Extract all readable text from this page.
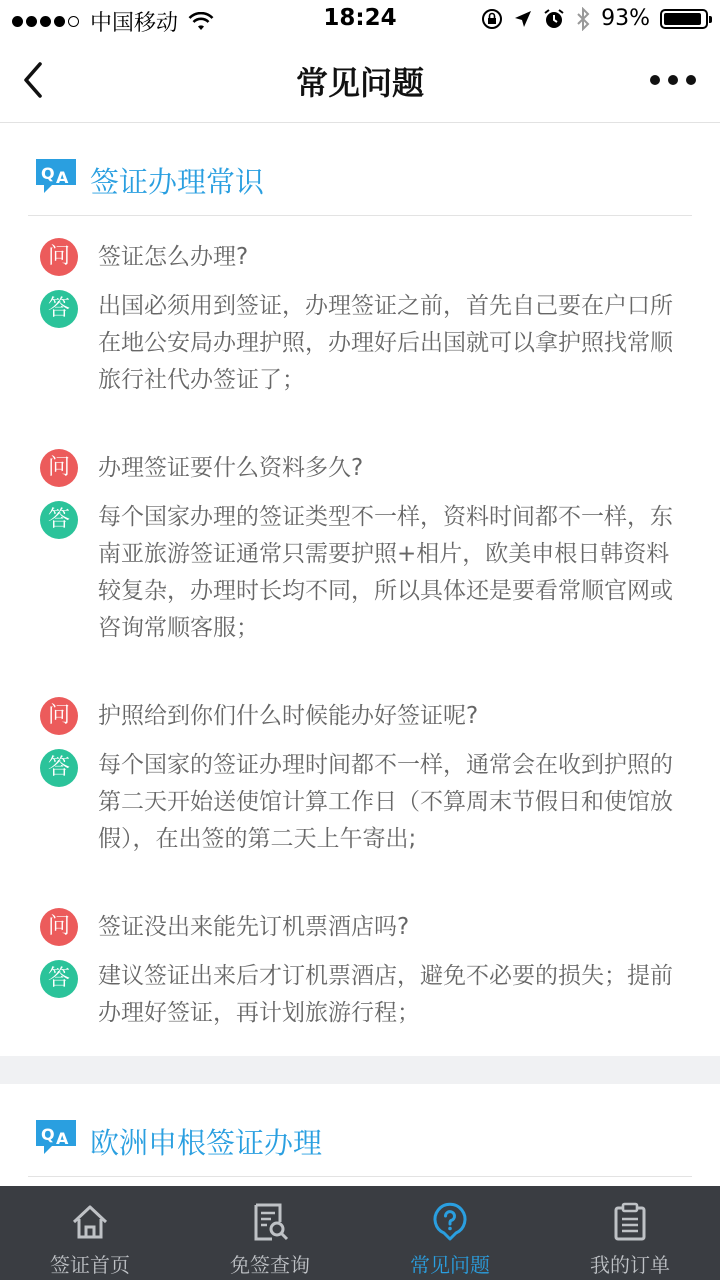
中国移动	18:24	93%
常见问题
Q A 签证办理常识
问	签证怎么办理?
答	出国必须用到签证，办理签证之前，首先自己要在户口所在地公安局办理护照，办理好后出国就可以拿护照找常顺旅行社代办签证了；
问	办理签证要什么资料多久?
答	每个国家办理的签证类型不一样，资料时间都不一样，东南亚旅游签证通常只需要护照+相片，欧美申根日韩资料较复杂，办理时长均不同，所以具体还是要看常顺官网或咨询常顺客服；
问	护照给到你们什么时候能办好签证呢?
答	每个国家的签证办理时间都不一样，通常会在收到护照的第二天开始送使馆计算工作日（不算周末节假日和使馆放假），在出签的第二天上午寄出;
问	签证没出来能先订机票酒店吗?
答	建议签证出来后才订机票酒店，避免不必要的损失；提前办理好签证，再计划旅游行程；
Q A 欧洲申根签证办理
签证首页	免签查询	常见问题	我的订单
